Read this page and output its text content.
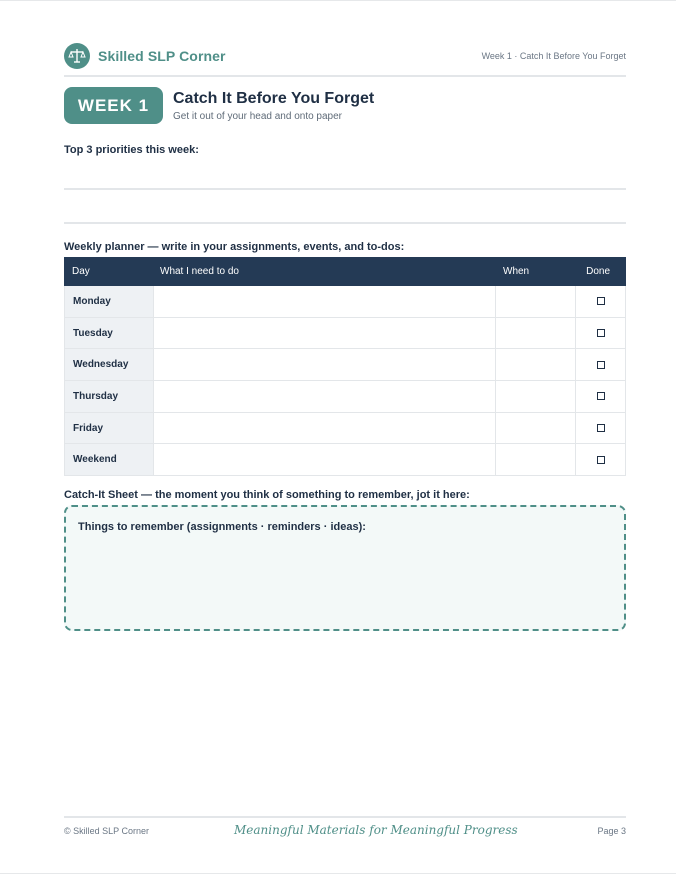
Skilled SLP Corner	Week 1 · Catch It Before You Forget
WEEK 1	Catch It Before You Forget
Get it out of your head and onto paper
Top 3 priorities this week:
Weekly planner — write in your assignments, events, and to-dos:
Day	What I need to do	When	Done
Monday
Tuesday
Wednesday
Thursday
Friday
Weekend
Catch-It Sheet — the moment you think of something to remember, jot it here:
Things to remember (assignments · reminders · ideas):
© Skilled SLP Corner	Meaningful Materials for Meaningful Progress	Page 3
